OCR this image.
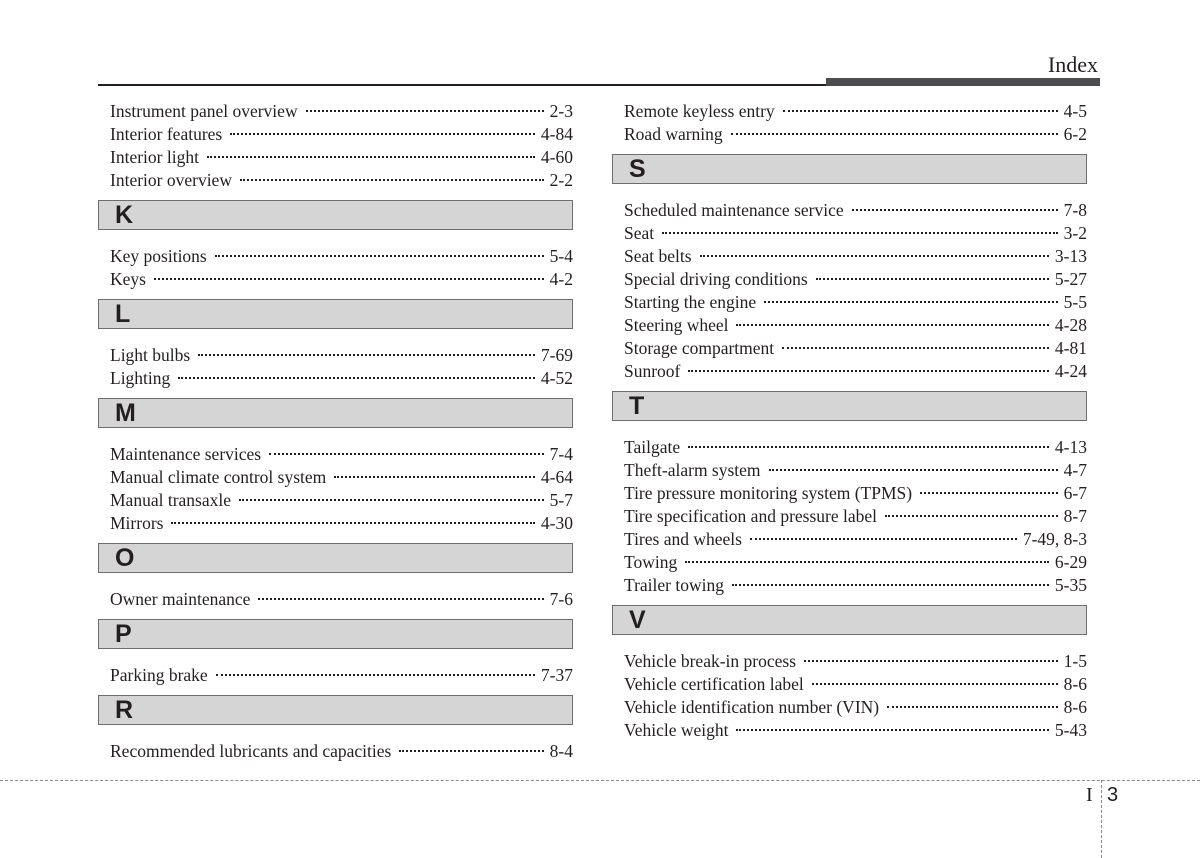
Index
Instrument panel overview	2-3
Interior features	4-84
Interior light	4-60
Interior overview	2-2
K
Key positions	5-4
Keys	4-2
L
Light bulbs	7-69
Lighting	4-52
M
Maintenance services	7-4
Manual climate control system	4-64
Manual transaxle	5-7
Mirrors	4-30
O
Owner maintenance	7-6
P
Parking brake	7-37
R
Recommended lubricants and capacities	8-4
Remote keyless entry	4-5
Road warning	6-2
S
Scheduled maintenance service	7-8
Seat	3-2
Seat belts	3-13
Special driving conditions	5-27
Starting the engine	5-5
Steering wheel	4-28
Storage compartment	4-81
Sunroof	4-24
T
Tailgate	4-13
Theft-alarm system	4-7
Tire pressure monitoring system (TPMS)	6-7
Tire specification and pressure label	8-7
Tires and wheels	7-49, 8-3
Towing	6-29
Trailer towing	5-35
V
Vehicle break-in process	1-5
Vehicle certification label	8-6
Vehicle identification number (VIN)	8-6
Vehicle weight	5-43
I 3
